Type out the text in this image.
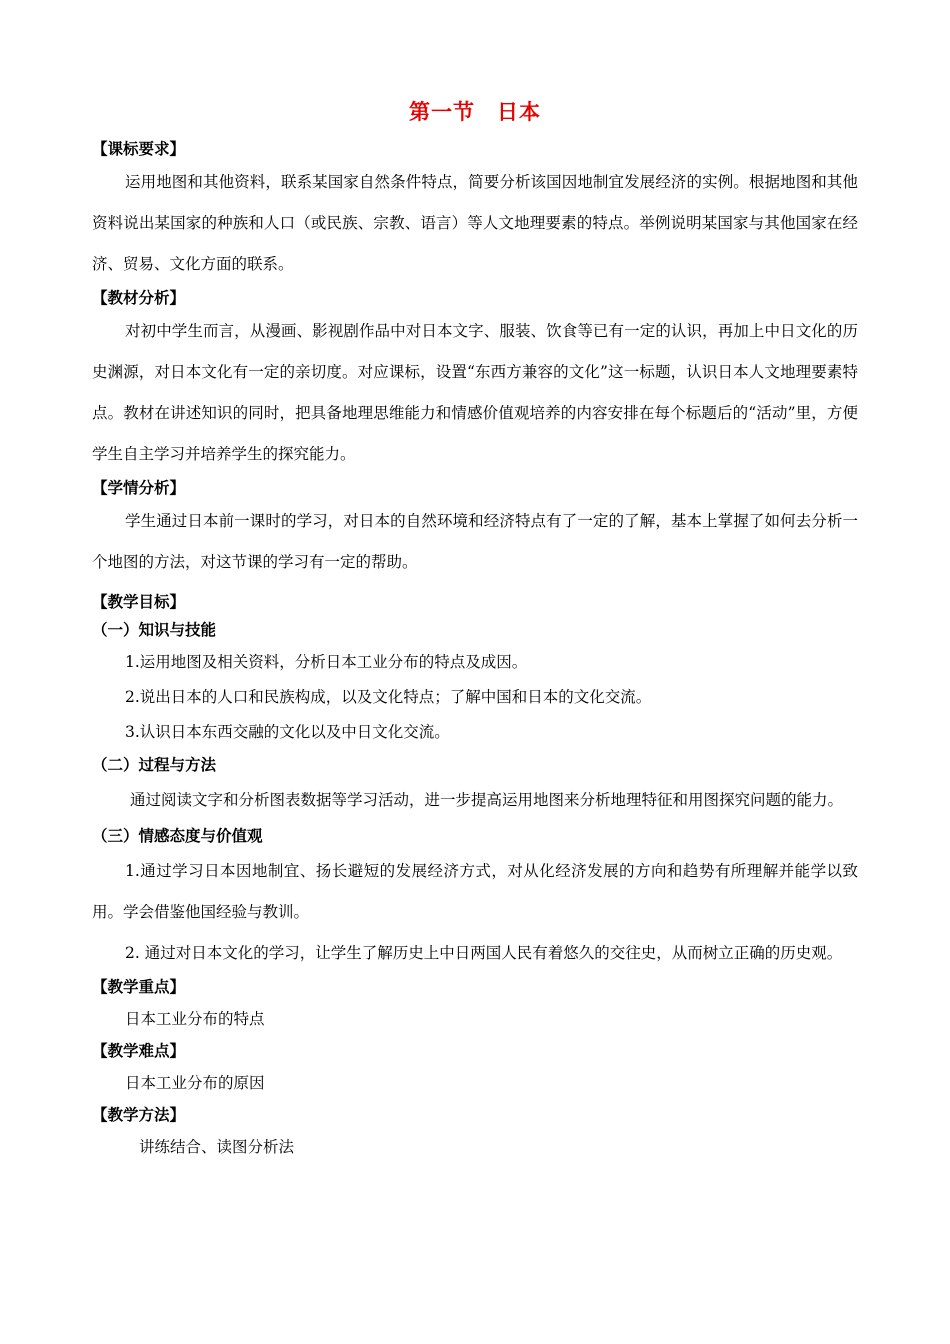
第一节 日本

【课标要求】

运用地图和其他资料，联系某国家自然条件特点，简要分析该国因地制宜发展经济的实例。根据地图和其他资料说出某国家的种族和人口（或民族、宗教、语言）等人文地理要素的特点。举例说明某国家与其他国家在经济、贸易、文化方面的联系。

【教材分析】

对初中学生而言，从漫画、影视剧作品中对日本文字、服装、饮食等已有一定的认识，再加上中日文化的历史渊源，对日本文化有一定的亲切度。对应课标，设置“东西方兼容的文化”这一标题，认识日本人文地理要素特点。教材在讲述知识的同时，把具备地理思维能力和情感价值观培养的内容安排在每个标题后的“活动”里，方便学生自主学习并培养学生的探究能力。

【学情分析】

学生通过日本前一课时的学习，对日本的自然环境和经济特点有了一定的了解，基本上掌握了如何去分析一个地图的方法，对这节课的学习有一定的帮助。

【教学目标】

（一）知识与技能

1.运用地图及相关资料，分析日本工业分布的特点及成因。

2.说出日本的人口和民族构成，以及文化特点；了解中国和日本的文化交流。

3.认识日本东西交融的文化以及中日文化交流。

（二）过程与方法

通过阅读文字和分析图表数据等学习活动，进一步提高运用地图来分析地理特征和用图探究问题的能力。

（三）情感态度与价值观

1.通过学习日本因地制宜、扬长避短的发展经济方式，对从化经济发展的方向和趋势有所理解并能学以致用。学会借鉴他国经验与教训。

2. 通过对日本文化的学习，让学生了解历史上中日两国人民有着悠久的交往史，从而树立正确的历史观。

【教学重点】

日本工业分布的特点

【教学难点】

日本工业分布的原因

【教学方法】

讲练结合、读图分析法
